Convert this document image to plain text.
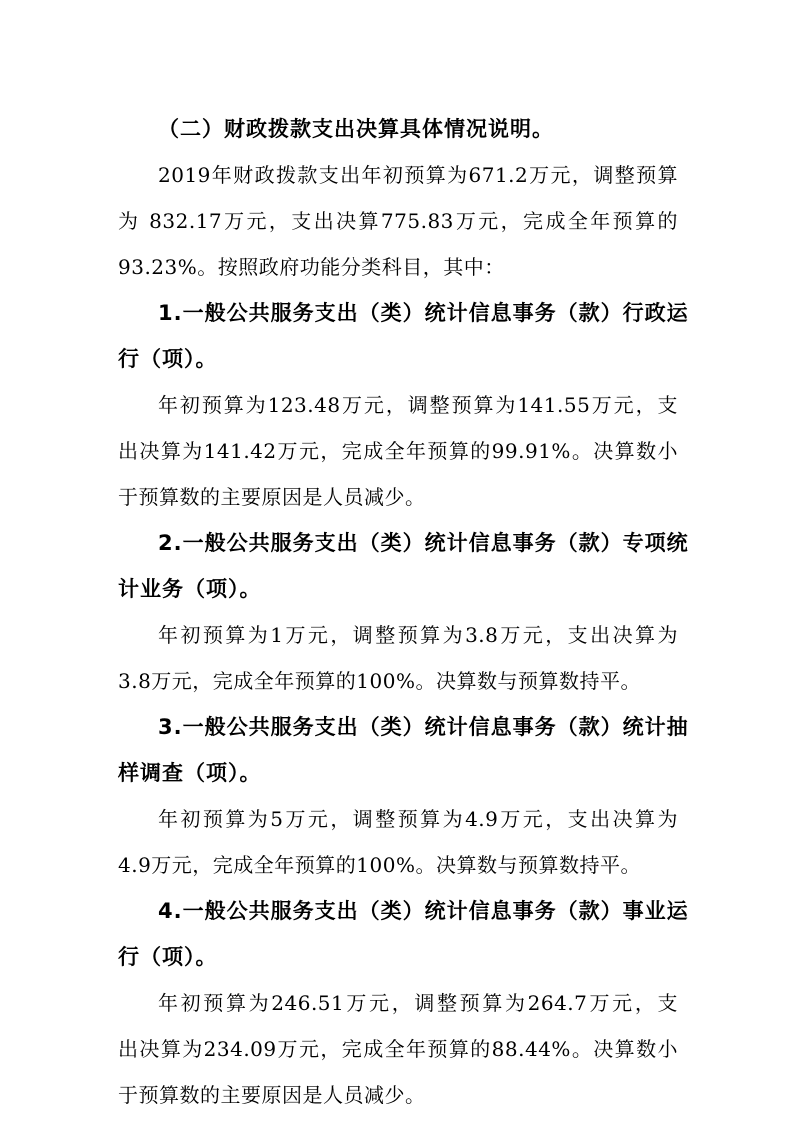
（二）财政拨款支出决算具体情况说明。
2019年财政拨款支出年初预算为671.2万元，调整预算
为 832.17万元，支出决算775.83万元，完成全年预算的
93.23%。按照政府功能分类科目，其中：
1.一般公共服务支出（类）统计信息事务（款）行政运
行（项）。
年初预算为123.48万元，调整预算为141.55万元，支
出决算为141.42万元，完成全年预算的99.91%。决算数小
于预算数的主要原因是人员减少。
2.一般公共服务支出（类）统计信息事务（款）专项统
计业务（项）。
年初预算为1万元，调整预算为3.8万元，支出决算为
3.8万元，完成全年预算的100%。决算数与预算数持平。
3.一般公共服务支出（类）统计信息事务（款）统计抽
样调查（项）。
年初预算为5万元，调整预算为4.9万元，支出决算为
4.9万元，完成全年预算的100%。决算数与预算数持平。
4.一般公共服务支出（类）统计信息事务（款）事业运
行（项）。
年初预算为246.51万元，调整预算为264.7万元，支
出决算为234.09万元，完成全年预算的88.44%。决算数小
于预算数的主要原因是人员减少。
